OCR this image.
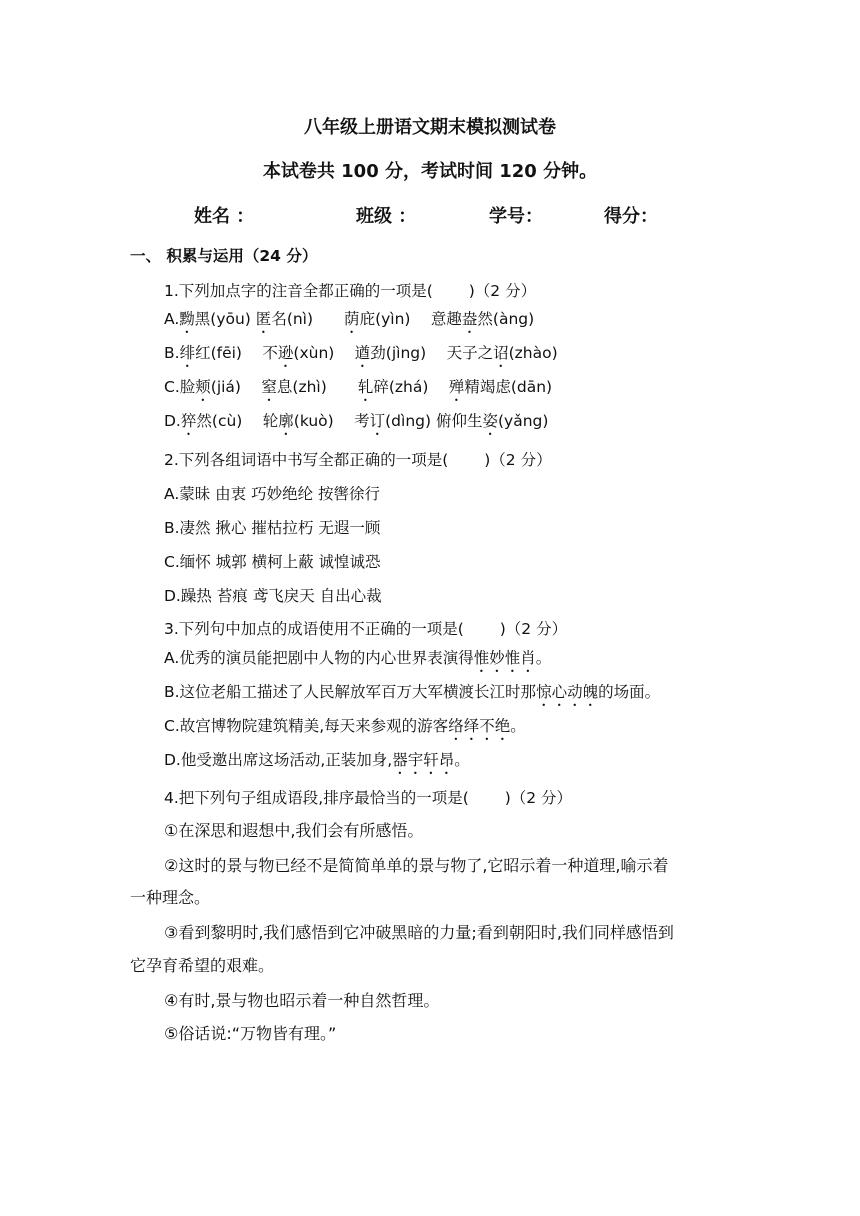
八年级上册语文期末模拟测试卷
本试卷共 100 分，考试时间 120 分钟。
姓名 ：	班级 ：	学号：	得分：
一、 积累与运用（24 分）
1.下列加点字的注音全都正确的一项是(　　 )（2 分）
A.黝黑(yōu) 匿名(nì)　　荫庇(yìn)　 意趣盎然(àng)
B.绯红(fēi)　 不逊(xùn)　 遒劲(jìng)　 天子之诏(zhào)
C.脸颊(jiá)　 窒息(zhì)　　轧碎(zhá)　 殚精竭虑(dān)
D.猝然(cù)　 轮廓(kuò)　 考订(dìng) 俯仰生姿(yǎng)
2.下列各组词语中书写全都正确的一项是(　　 )（2 分）
A.蒙昧 由衷 巧妙绝纶 按辔徐行
B.凄然 揪心 摧枯拉朽 无遐一顾
C.缅怀 城郭 横柯上蔽 诚惶诚恐
D.躁热 苔痕 鸢飞戾天 自出心裁
3.下列句中加点的成语使用不正确的一项是(　　 )（2 分）
A.优秀的演员能把剧中人物的内心世界表演得惟妙惟肖。
B.这位老船工描述了人民解放军百万大军横渡长江时那惊心动魄的场面。
C.故宫博物院建筑精美,每天来参观的游客络绎不绝。
D.他受邀出席这场活动,正装加身,器宇轩昂。
4.把下列句子组成语段,排序最恰当的一项是(　　 )（2 分）
①在深思和遐想中,我们会有所感悟。
②这时的景与物已经不是简简单单的景与物了,它昭示着一种道理,喻示着
一种理念。
③看到黎明时,我们感悟到它冲破黑暗的力量;看到朝阳时,我们同样感悟到
它孕育希望的艰难。
④有时,景与物也昭示着一种自然哲理。
⑤俗话说:“万物皆有理。”
